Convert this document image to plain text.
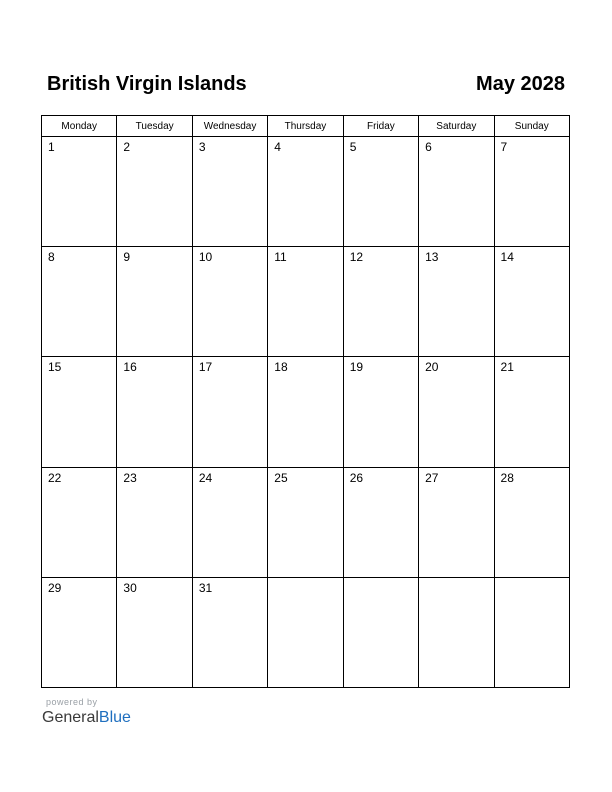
British Virgin Islands	May 2028
Monday	Tuesday	Wednesday	Thursday	Friday	Saturday	Sunday

1	2	3	4	5	6	7

8	9	10	11	12	13	14

15	16	17	18	19	20	21

22	23	24	25	26	27	28

29	30	31				

powered by
GeneralBlue
